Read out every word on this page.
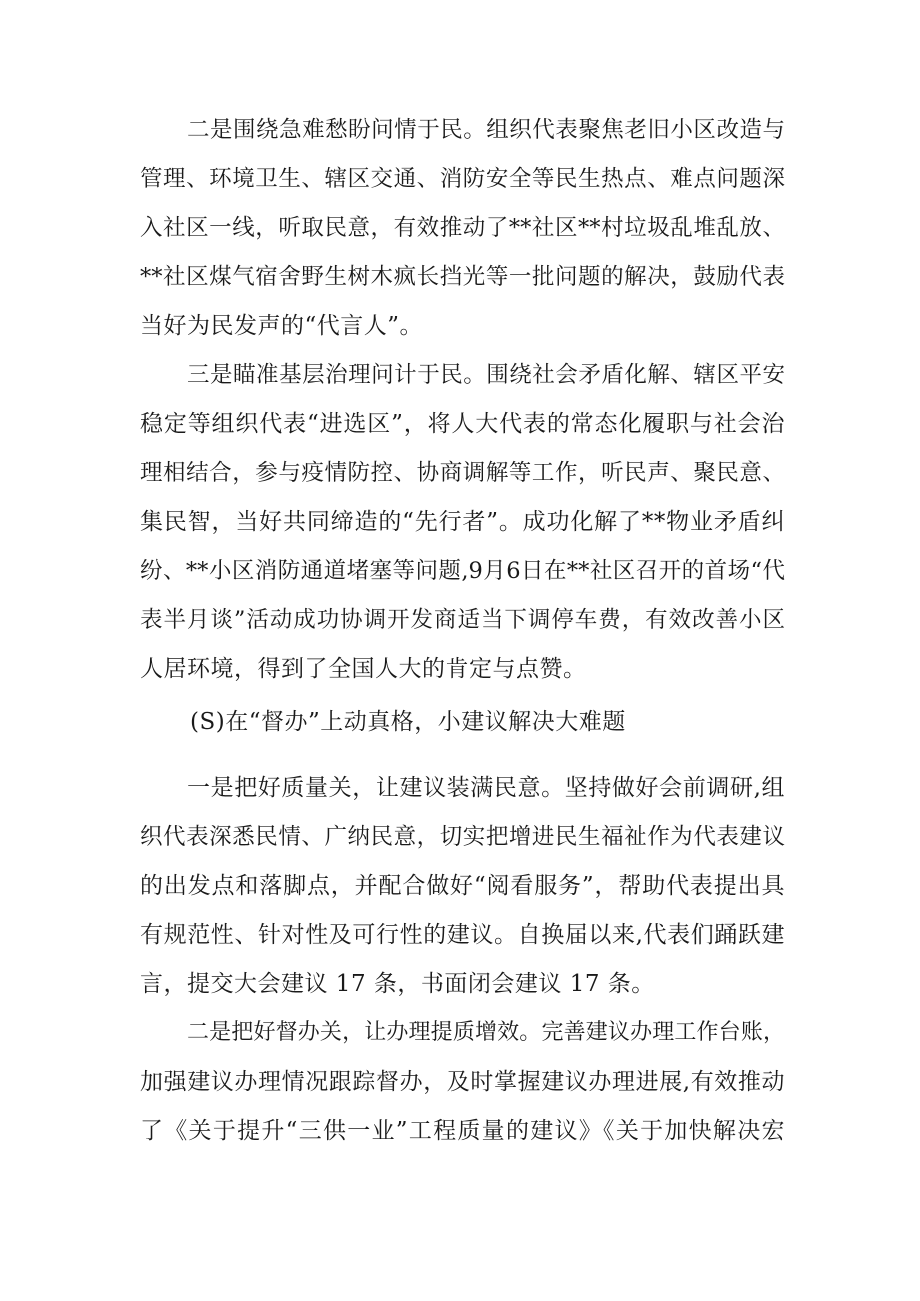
二是围绕急难愁盼问情于民。组织代表聚焦老旧小区改造与
管理、环境卫生、辖区交通、消防安全等民生热点、难点问题深
入社区一线，听取民意，有效推动了**社区**村垃圾乱堆乱放、
**社区煤气宿舍野生树木疯长挡光等一批问题的解决，鼓励代表
当好为民发声的“代言人”。
三是瞄准基层治理问计于民。围绕社会矛盾化解、辖区平安
稳定等组织代表“进选区”，将人大代表的常态化履职与社会治
理相结合，参与疫情防控、协商调解等工作，听民声、聚民意、
集民智，当好共同缔造的“先行者”。成功化解了**物业矛盾纠
纷、**小区消防通道堵塞等问题,9月6日在**社区召开的首场“代
表半月谈”活动成功协调开发商适当下调停车费，有效改善小区
人居环境，得到了全国人大的肯定与点赞。
(S)在“督办”上动真格，小建议解决大难题
一是把好质量关，让建议装满民意。坚持做好会前调研,组
织代表深悉民情、广纳民意，切实把增进民生福祉作为代表建议
的出发点和落脚点，并配合做好“阅看服务”，帮助代表提出具
有规范性、针对性及可行性的建议。自换届以来,代表们踊跃建
言，提交大会建议 17 条，书面闭会建议 17 条。
二是把好督办关，让办理提质增效。完善建议办理工作台账，
加强建议办理情况跟踪督办，及时掌握建议办理进展,有效推动
了《关于提升“三供一业”工程质量的建议》《关于加快解决宏
